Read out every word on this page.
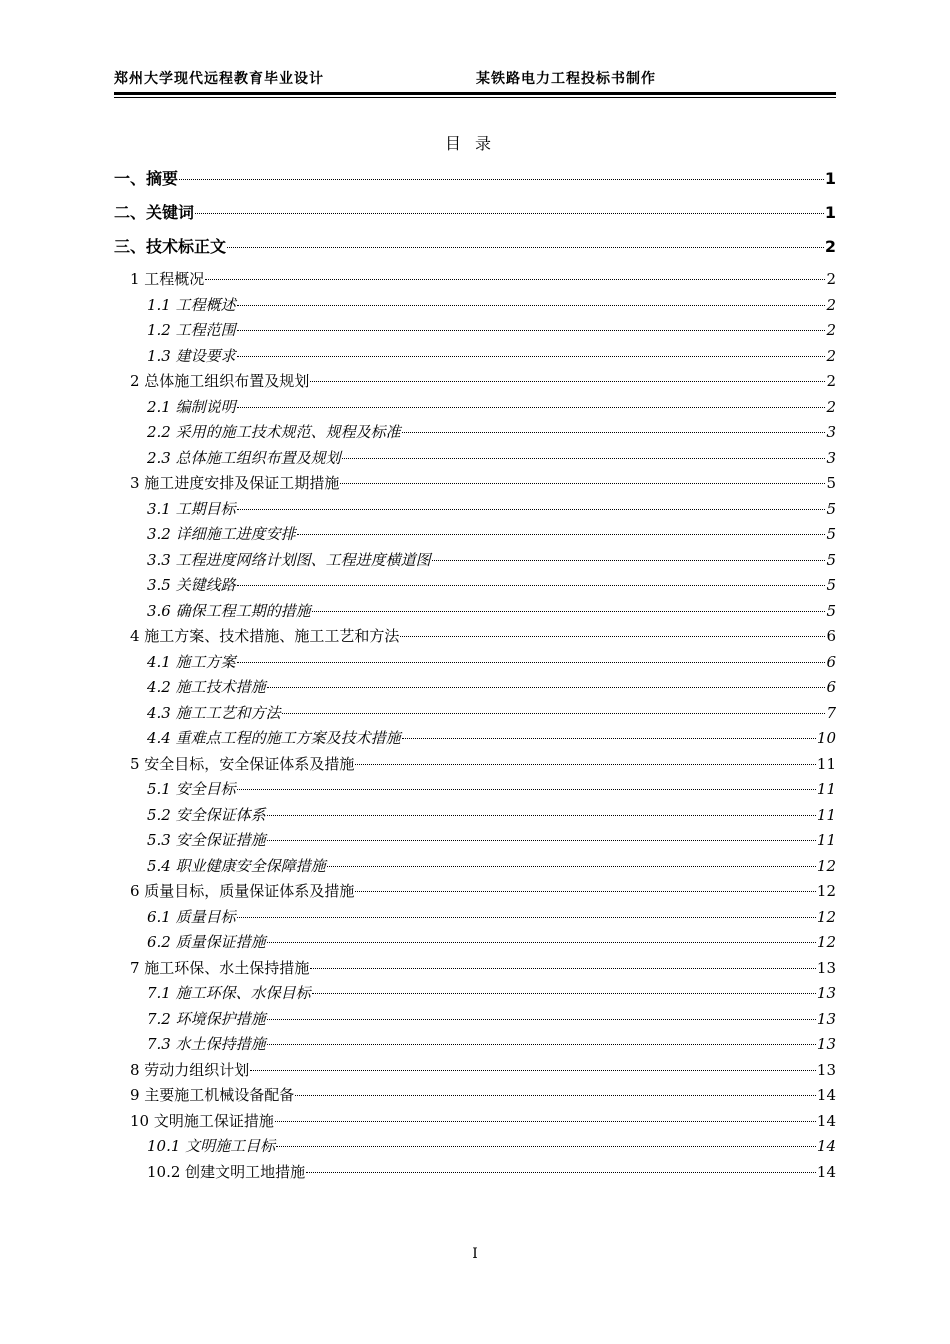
郑州大学现代远程教育毕业设计	某铁路电力工程投标书制作
目录
一、摘要	1
二、关键词	1
三、技术标正文	2
1 工程概况	2
1.1 工程概述	2
1.2 工程范围	2
1.3 建设要求	2
2 总体施工组织布置及规划	2
2.1 编制说明	2
2.2 采用的施工技术规范、规程及标准	3
2.3 总体施工组织布置及规划	3
3 施工进度安排及保证工期措施	5
3.1 工期目标	5
3.2 详细施工进度安排	5
3.3 工程进度网络计划图、工程进度横道图	5
3.5 关键线路	5
3.6 确保工程工期的措施	5
4 施工方案、技术措施、施工工艺和方法	6
4.1 施工方案	6
4.2 施工技术措施	6
4.3 施工工艺和方法	7
4.4 重难点工程的施工方案及技术措施	10
5 安全目标，安全保证体系及措施	11
5.1 安全目标	11
5.2 安全保证体系	11
5.3 安全保证措施	11
5.4 职业健康安全保障措施	12
6 质量目标，质量保证体系及措施	12
6.1 质量目标	12
6.2 质量保证措施	12
7 施工环保、水土保持措施	13
7.1 施工环保、水保目标	13
7.2 环境保护措施	13
7.3 水土保持措施	13
8 劳动力组织计划	13
9 主要施工机械设备配备	14
10 文明施工保证措施	14
10.1 文明施工目标	14
10.2 创建文明工地措施	14
I
